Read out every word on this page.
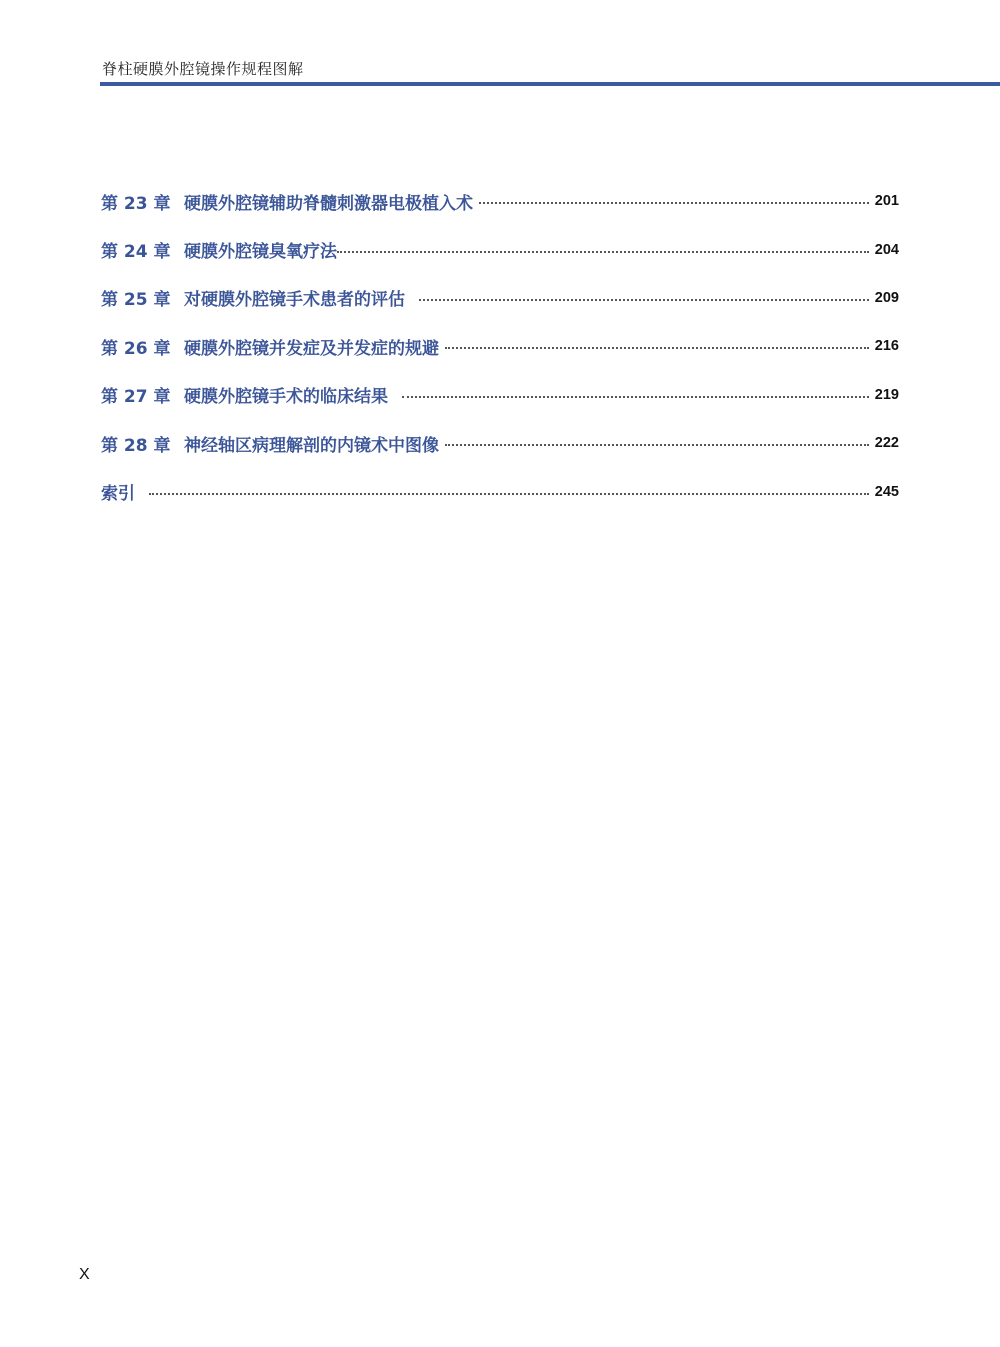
脊柱硬膜外腔镜操作规程图解
第 23 章 硬膜外腔镜辅助脊髓刺激器电极植入术	201
第 24 章 硬膜外腔镜臭氧疗法	204
第 25 章 对硬膜外腔镜手术患者的评估	209
第 26 章 硬膜外腔镜并发症及并发症的规避	216
第 27 章 硬膜外腔镜手术的临床结果	219
第 28 章 神经轴区病理解剖的内镜术中图像	222
索引	245
X
